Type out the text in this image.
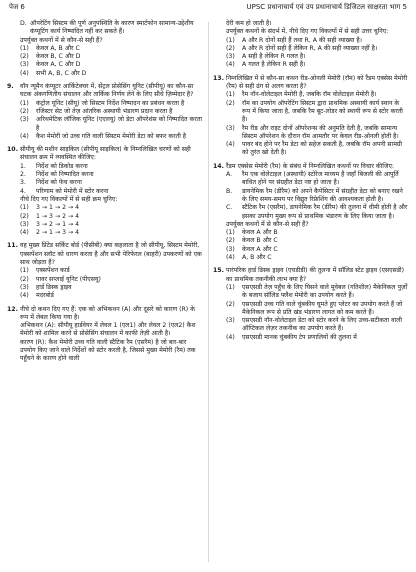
पेज 6	UPSC प्रधानाचार्य एवं उप प्रधानाचार्य डिजिटल साक्षरता भाग 5
D. ऑपरेटिंग सिस्टम की पूर्ण अनुपस्थिति के कारण स्मार्टफोन सामान्य-उद्देशीय कंप्यूटिंग कार्य निष्पादित नहीं कर सकते हैं।

उपर्युक्त कथनों में से कौन-से सही हैं?

(1) केवल A, B और C
(2) केवल B, C और D
(3) केवल A, C और D
(4) सभी A, B, C और D
9. वॉन न्यूमैन कंप्यूटर आर्किटेक्चर में, सेंट्रल प्रोसेसिंग यूनिट (सीपीयू) का कौन-सा घटक अंकगणितीय संचालन और तार्किक निर्णय लेने के लिए सीधे ज़िम्मेदार है?

(1) कंट्रोल यूनिट (सीयू) जो सिस्टम निर्देश निष्पादन का प्रबंधन करता है
(2) रजिस्टर सेट जो तेज़ आंतरिक अस्थायी भंडारण प्रदान करता है
(3) अरिथमेटिक लॉजिक यूनिट (एएलयू) जो डेटा ऑपरेशंस को निष्पादित करता है
(4) कैश मेमोरी जो उच्च गति वाली सिस्टम मेमोरी डेटा को बफर करती है
10. सीपीयू की मशीन साइकिल (सीपीयू साइकिल) के निम्नलिखित चरणों को सही संचालन क्रम में व्यवस्थित कीजिए:

1.	निर्देश को डिकोड करना
2.	निर्देश को निष्पादित करना
3.	निर्देश को फेच करना
4.	परिणाम को मेमोरी में स्टोर करना

नीचे दिए गए विकल्पों में से सही क्रम चुनिए:

(1) 3 → 1 → 2 → 4
(2) 1 → 3 → 2 → 4
(3) 3 → 2 → 1 → 4
(4) 2 → 1 → 3 → 4
11. वह मुख्य प्रिंटेड सर्किट बोर्ड (पीसीबी) क्या कहलाता है जो सीपीयू, सिस्टम मेमोरी, एक्सपेंशन स्लॉट को धारण करता है और सभी पेरिफेरल (बाहरी) उपकरणों को एक साथ जोड़ता है?

(1) एक्सपेंशन कार्ड
(2) पावर सप्लाई यूनिट (पीएसयू)
(3) हार्ड डिस्क ड्राइव
(4) मदरबोर्ड
12. नीचे दो कथन दिए गए हैं: एक को अभिकथन (A) और दूसरे को कारण (R) के रूप में लेबल किया गया है।

अभिकथन (A): सीपीयू हार्डवेयर में लेवल 1 (एल1) और लेवल 2 (एल2) कैश मेमोरी को शामिल करने से प्रोसेसिंग संचालन में काफी तेज़ी आती है।

कारण (R): कैश मेमोरी उच्च गति वाली स्टैटिक रैम (एसरैम) है जो बार-बार उपयोग किए जाने वाले निर्देशों को स्टोर करती है, जिससे मुख्य मेमोरी (रैम) तक पहुँचने के कारण होने वाली

देरी कम हो जाती है।

उपर्युक्त कथनों के संदर्भ में, नीचे दिए गए विकल्पों में से सही उत्तर चुनिए:

(1) A और R दोनों सही हैं तथा R, A की सही व्याख्या है।
(2) A और R दोनों सही हैं लेकिन R, A की सही व्याख्या नहीं है।
(3) A सही है लेकिन R गलत है।
(4) A गलत है लेकिन R सही है।
13. निम्नलिखित में से कौन-सा कथन रीड-ओनली मेमोरी (रॉम) को रैंडम एक्सेस मेमोरी (रैम) से सही ढंग से अलग करता है?

(1) रैम नॉन-वोलेटाइल मेमोरी है, जबकि रॉम वोलेटाइल मेमोरी है।
(2) रॉम का उपयोग ऑपरेटिंग सिस्टम द्वारा प्राथमिक अस्थायी कार्य स्थान के रूप में किया जाता है, जबकि रैम बूट-लोडर को स्थायी रूप से स्टोर करती है।
(3) रैम रीड और राइट दोनों ऑपरेशन्स की अनुमति देती है, जबकि सामान्य सिस्टम ऑपरेशन के दौरान रॉम आमतौर पर केवल रीड-ओनली होती है।
(4) पावर बंद होने पर रैम डेटा को सहेज सकती है, जबकि रॉम अपनी सामग्री को तुरंत खो देती है।
14. रैंडम एक्सेस मेमोरी (रैम) के संबंध में निम्नलिखित कथनों पर विचार कीजिए:

A.	रैम एक वोलेटाइल (अस्थायी) स्टोरेज माध्यम है जहाँ बिजली की आपूर्ति बाधित होने पर संग्रहीत डेटा नष्ट हो जाता है।
B.	डायनेमिक रैम (डीरैम) को अपने कैपेसिटर में संग्रहीत डेटा को बनाए रखने के लिए समय-समय पर विद्युत रिफ्रेशिंग की आवश्यकता होती है।
C.	स्टैटिक रैम (एसरैम), डायनेमिक रैम (डीरैम) की तुलना में धीमी होती है और इसका उपयोग मुख्य रूप से प्राथमिक भंडारण के लिए किया जाता है।

उपर्युक्त कथनों में से कौन-से सही हैं?

(1) केवल A और B
(2) केवल B और C
(3) केवल A और C
(4) A, B और C
15. पारंपरिक हार्ड डिस्क ड्राइव (एचडीडी) की तुलना में सॉलिड स्टेट ड्राइव (एसएसडी) का प्राथमिक तकनीकी लाभ क्या है?

(1) एसएसडी तेज़ पहुँच के लिए घिसने वाले मूवेबल (गतिशील) मैकेनिकल पुर्ज़ों के बजाय सॉलिड फ्लैश मेमोरी का उपयोग करते हैं।
(2) एसएसडी उच्च गति वाले चुंबकीय घूमते हुए प्लेटर का उपयोग करते हैं जो मैकेनिकल रूप से प्रति खंड भंडारण लागत को कम करते हैं।
(3) एसएसडी नॉन-वोलेटाइल डेटा को स्टोर करने के लिए उच्च-सटीकता वाली ऑप्टिकल लेज़र तकनीक का उपयोग करते हैं।
(4) एसएसडी मानक चुंबकीय टेप प्रणालियों की तुलना में
